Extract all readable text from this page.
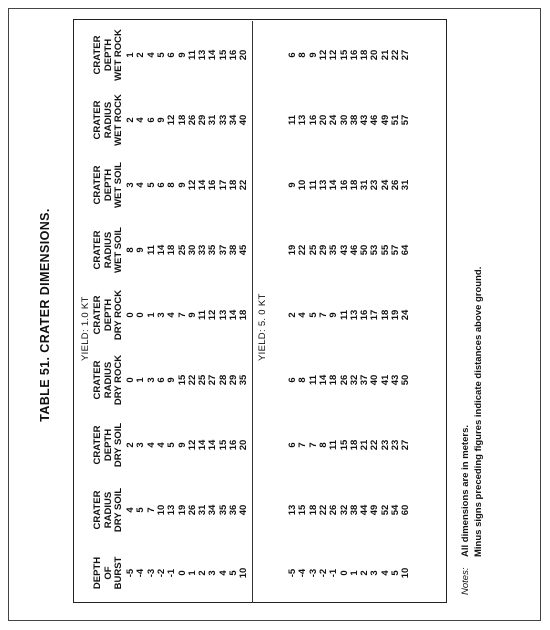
TABLE 51. CRATER DIMENSIONS.
DEPTH
OF
BURST
CRATER
RADIUS
DRY SOIL
CRATER
DEPTH
DRY SOIL
CRATER
RADIUS
DRY ROCK
CRATER
DEPTH
DRY ROCK
CRATER
RADIUS
WET SOIL
CRATER
DEPTH
WET SOIL
CRATER
RADIUS
WET ROCK
CRATER
DEPTH
WET ROCK
YIELD: 1.0 KT
-5
4
2
0
0
8
3
2
1
-4
5
3
1
0
9
4
4
2
-3
7
4
3
1
11
5
6
4
-2
10
4
6
3
14
6
9
5
-1
13
5
9
4
18
8
12
6
0
19
9
15
7
25
9
18
9
1
26
12
22
9
30
12
26
11
2
31
14
25
11
33
14
29
13
3
34
14
27
12
35
16
31
14
4
35
15
28
13
37
17
33
15
5
36
16
29
14
38
18
34
16
10
40
20
35
18
45
22
40
20
YIELD: 5. 0 KT
-5
13
6
6
2
19
9
11
6
-4
15
7
8
4
22
10
13
8
-3
18
7
11
5
25
11
16
9
-2
22
8
14
7
29
13
20
12
-1
26
11
18
9
35
14
24
12
0
32
15
26
11
43
16
30
15
1
38
18
32
13
46
18
38
16
2
44
21
37
16
50
31
43
18
3
49
22
40
17
53
23
46
20
4
52
23
41
18
55
24
49
21
5
54
23
43
19
57
26
51
22
10
60
27
50
24
64
31
57
27
Notes:All dimensions are in meters. Minus signs preceding figures indicate distances above ground.
